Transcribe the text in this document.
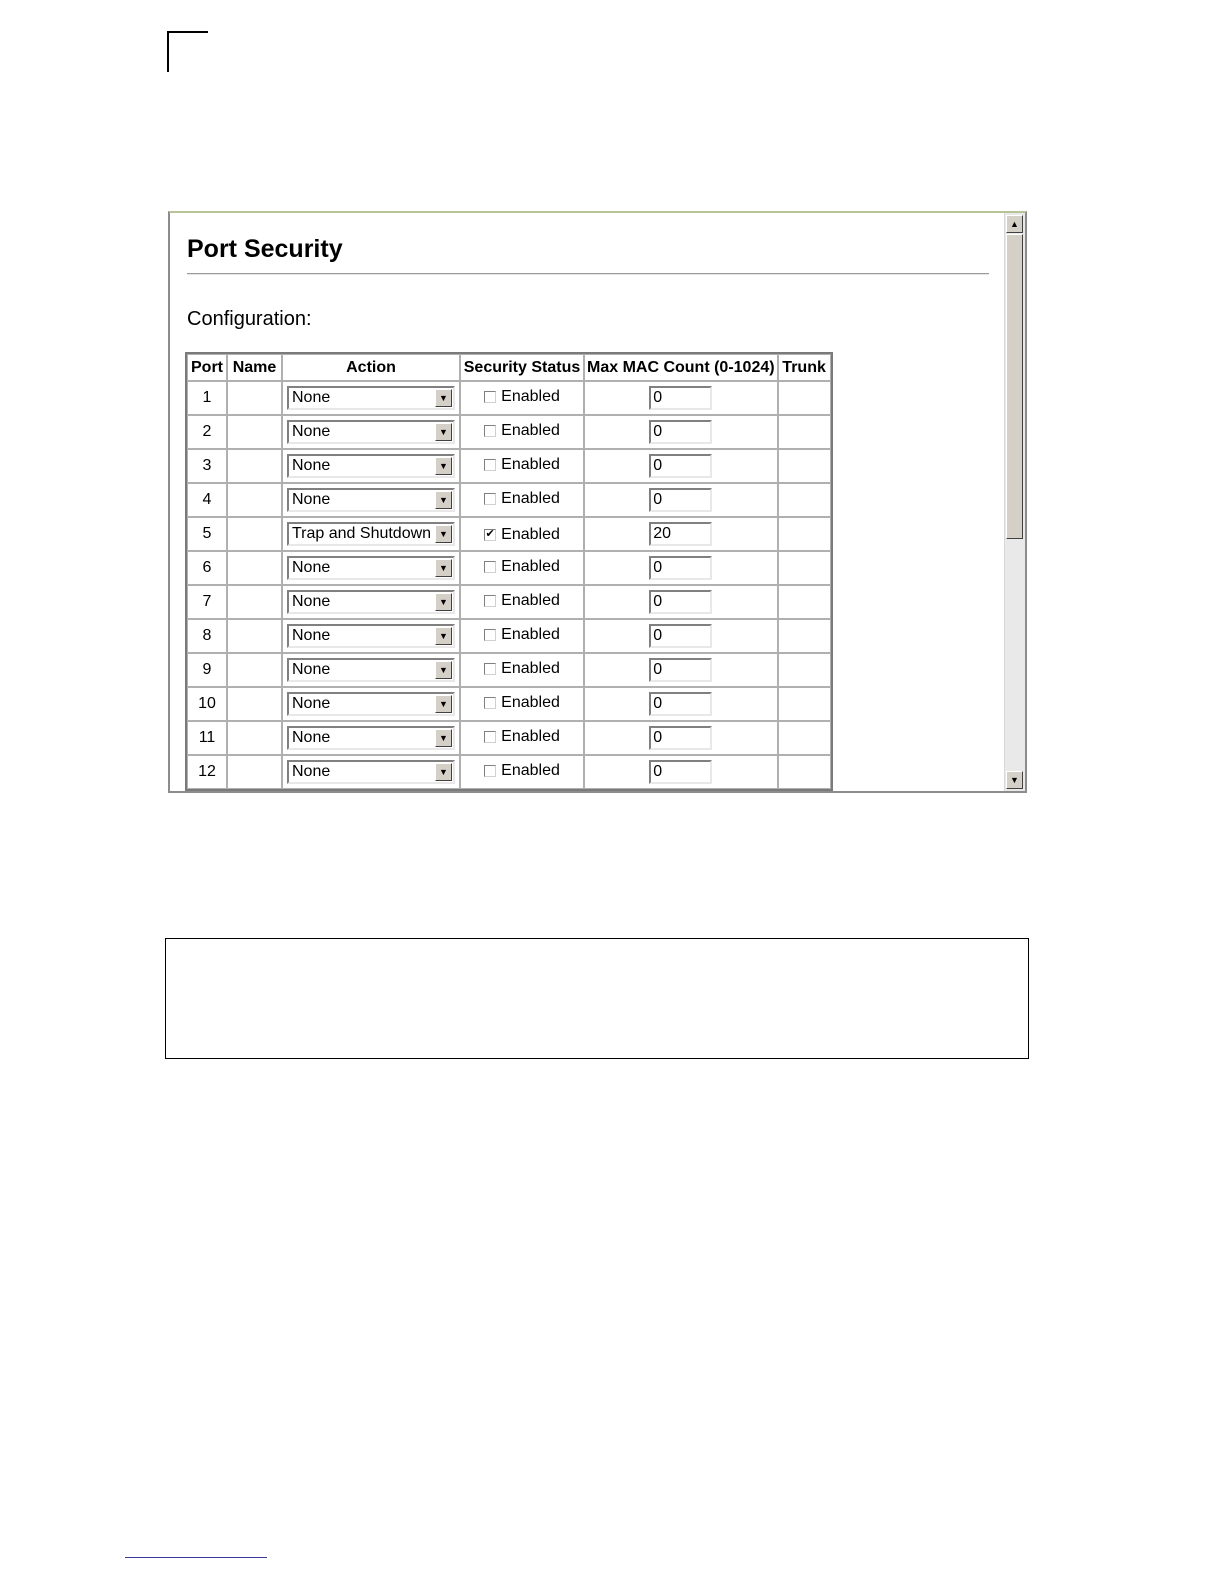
Port Security
Configuration:
Port	Name	Action	Security Status	Max MAC Count (0-1024)	Trunk
1		None ▼	Enabled	0	
2		None ▼	Enabled	0	
3		None ▼	Enabled	0	
4		None ▼	Enabled	0	
5		Trap and Shutdown ▼	✔ Enabled	20	
6		None ▼	Enabled	0	
7		None ▼	Enabled	0	
8		None ▼	Enabled	0	
9		None ▼	Enabled	0	
10		None ▼	Enabled	0	
11		None ▼	Enabled	0	
12		None ▼	Enabled	0	
▲
▼
